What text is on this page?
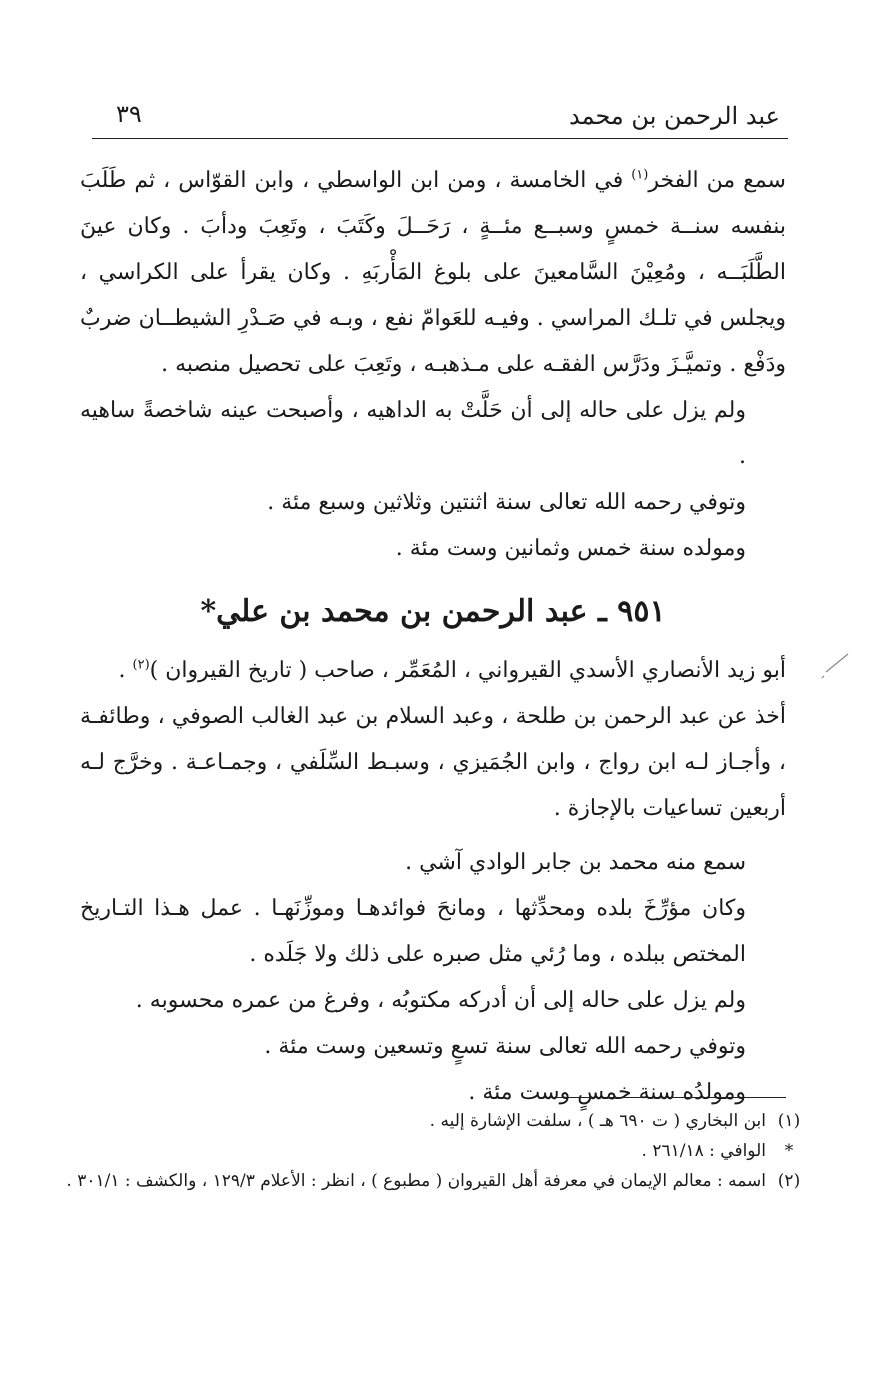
عبد الرحمن بن محمد
٣٩

سمع من الفخر$^{(١)}$ في الخامسة ، ومن ابن الواسطي ، وابن القوّاس ، ثم طَلَبَ بنفسه سنــة خمسٍ وسبــع مئــةٍ ، رَحَــلَ وكَتَبَ ، وتَعِبَ ودأبَ . وكان عينَ الطَّلَبَــه ، ومُعِيْنَ السَّامعينَ على بلوغ المَأْربَهِ . وكان يقرأ على الكراسي ، ويجلس في تلـك المراسي . وفيـه للعَوامّ نفع ، وبـه في صَـدْرِ الشيطــان ضربٌ ودَفْع . وتميَّـزَ ودَرَّس الفقـه على مـذهبـه ، وتَعِبَ على تحصيل منصبه .

ولم يزل على حاله إلى أن حَلَّتْ به الداهيه ، وأصبحت عينه شاخصةً ساهيه .

وتوفي رحمه الله تعالى سنة اثنتين وثلاثين وسبع مئة .

ومولده سنة خمس وثمانين وست مئة .

٩٥١ ـ عبد الرحمن بن محمد بن علي*

أبو زيد الأنصاري الأسدي القيرواني ، المُعَمِّر ، صاحب ( تاريخ القيروان )$^{(٢)}$ .

أخذ عن عبد الرحمن بن طلحة ، وعبد السلام بن عبد الغالب الصوفي ، وطائفـة ، وأجـاز لـه ابن رواج ، وابن الجُمَيزي ، وسبـط السِّلَفي ، وجمـاعـة . وخرَّج لـه أربعين تساعيات بالإجازة .

سمع منه محمد بن جابر الوادي آشي .

وكان مؤرِّخَ بلده ومحدِّثها ، ومانحَ فوائدهـا وموزِّنَهـا . عمل هـذا التـاريخ المختص ببلده ، وما رُئي مثل صبره على ذلك ولا جَلَده .

ولم يزل على حاله إلى أن أدركه مكتوبُه ، وفرغ من عمره محسوبه .

وتوفي رحمه الله تعالى سنة تسعٍ وتسعين وست مئة .

ومولدُه سنة خمسٍ وست مئة .

(١)
ابن البخاري ( ت ٦٩٠ هـ ) ، سلفت الإشارة إليه .
*
الوافي : ٢٦١/١٨ .
(٢)
اسمه : معالم الإيمان في معرفة أهل القيروان ( مطبوع ) ، انظر : الأعلام ١٢٩/٣ ، والكشف : ٣٠١/١ .
